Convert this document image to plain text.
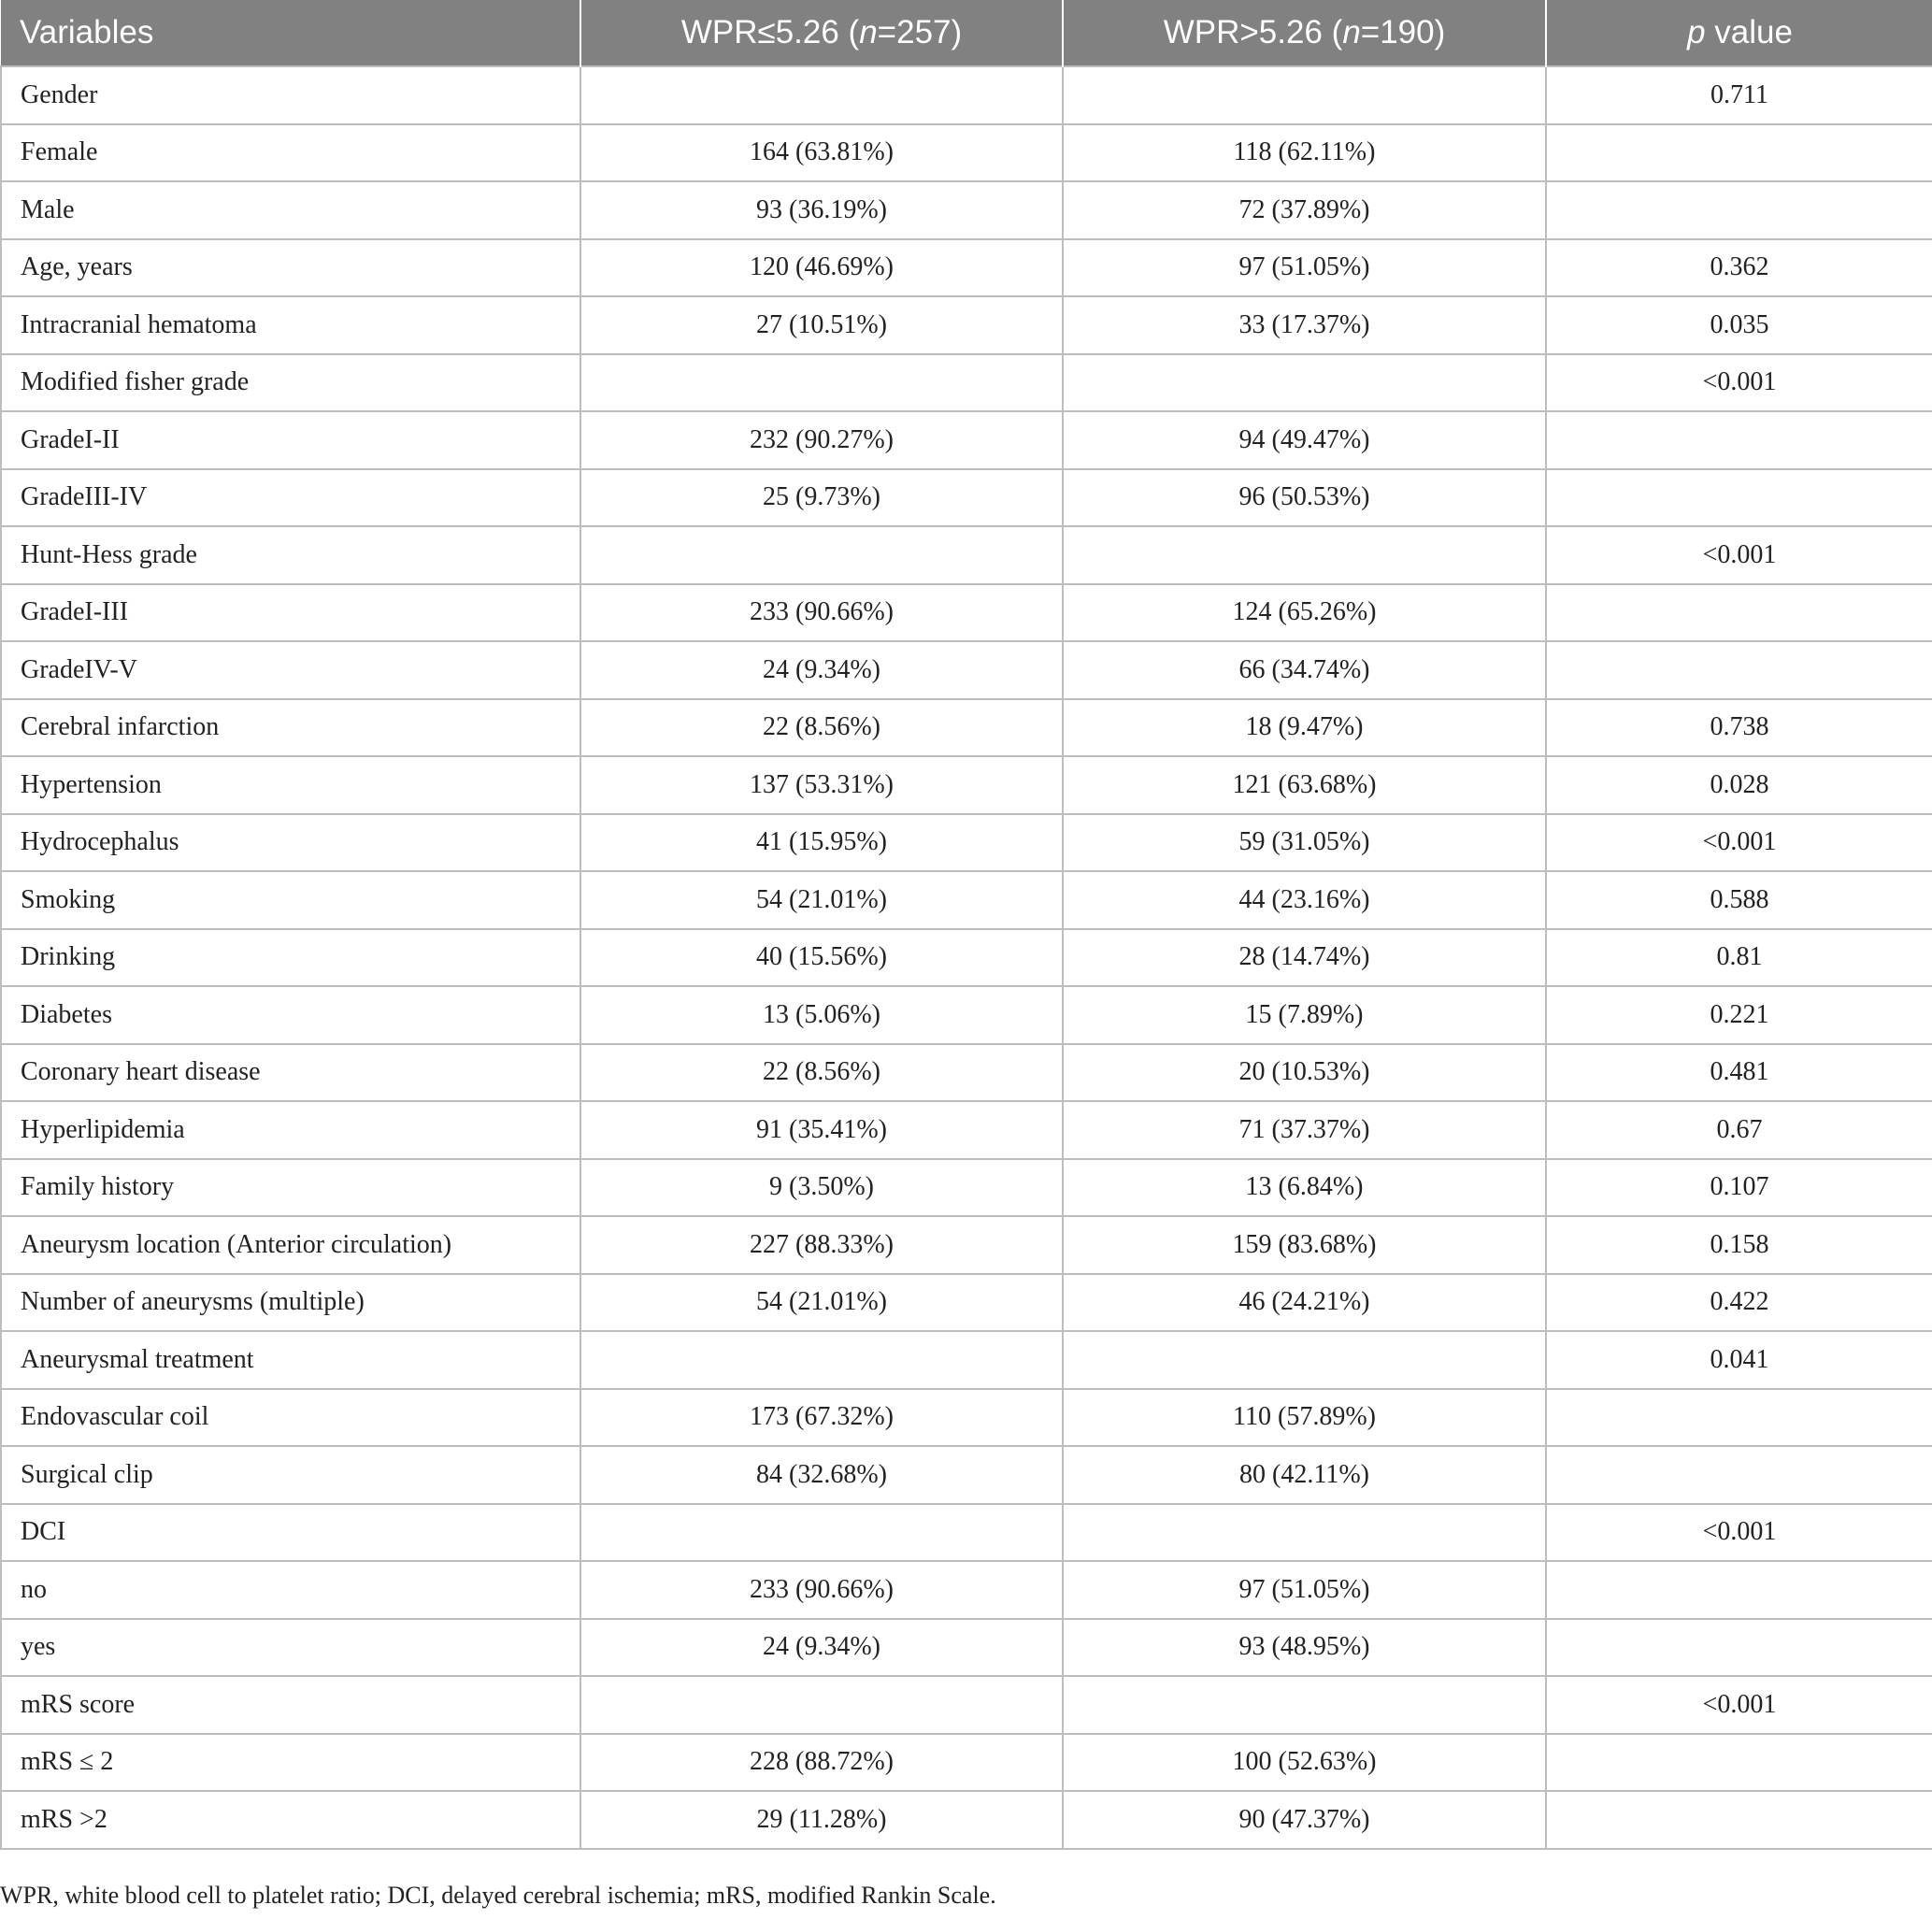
Variables	WPR≤5.26 (n=257)	WPR>5.26 (n=190)	p value
Gender			0.711
Female	164 (63.81%)	118 (62.11%)	
Male	93 (36.19%)	72 (37.89%)	
Age, years	120 (46.69%)	97 (51.05%)	0.362
Intracranial hematoma	27 (10.51%)	33 (17.37%)	0.035
Modified fisher grade			<0.001
GradeI-II	232 (90.27%)	94 (49.47%)	
GradeIII-IV	25 (9.73%)	96 (50.53%)	
Hunt-Hess grade			<0.001
GradeI-III	233 (90.66%)	124 (65.26%)	
GradeIV-V	24 (9.34%)	66 (34.74%)	
Cerebral infarction	22 (8.56%)	18 (9.47%)	0.738
Hypertension	137 (53.31%)	121 (63.68%)	0.028
Hydrocephalus	41 (15.95%)	59 (31.05%)	<0.001
Smoking	54 (21.01%)	44 (23.16%)	0.588
Drinking	40 (15.56%)	28 (14.74%)	0.81
Diabetes	13 (5.06%)	15 (7.89%)	0.221
Coronary heart disease	22 (8.56%)	20 (10.53%)	0.481
Hyperlipidemia	91 (35.41%)	71 (37.37%)	0.67
Family history	9 (3.50%)	13 (6.84%)	0.107
Aneurysm location (Anterior circulation)	227 (88.33%)	159 (83.68%)	0.158
Number of aneurysms (multiple)	54 (21.01%)	46 (24.21%)	0.422
Aneurysmal treatment			0.041
Endovascular coil	173 (67.32%)	110 (57.89%)	
Surgical clip	84 (32.68%)	80 (42.11%)	
DCI			<0.001
no	233 (90.66%)	97 (51.05%)	
yes	24 (9.34%)	93 (48.95%)	
mRS score			<0.001
mRS ≤ 2	228 (88.72%)	100 (52.63%)	
mRS >2	29 (11.28%)	90 (47.37%)	
WPR, white blood cell to platelet ratio; DCI, delayed cerebral ischemia; mRS, modified Rankin Scale.
